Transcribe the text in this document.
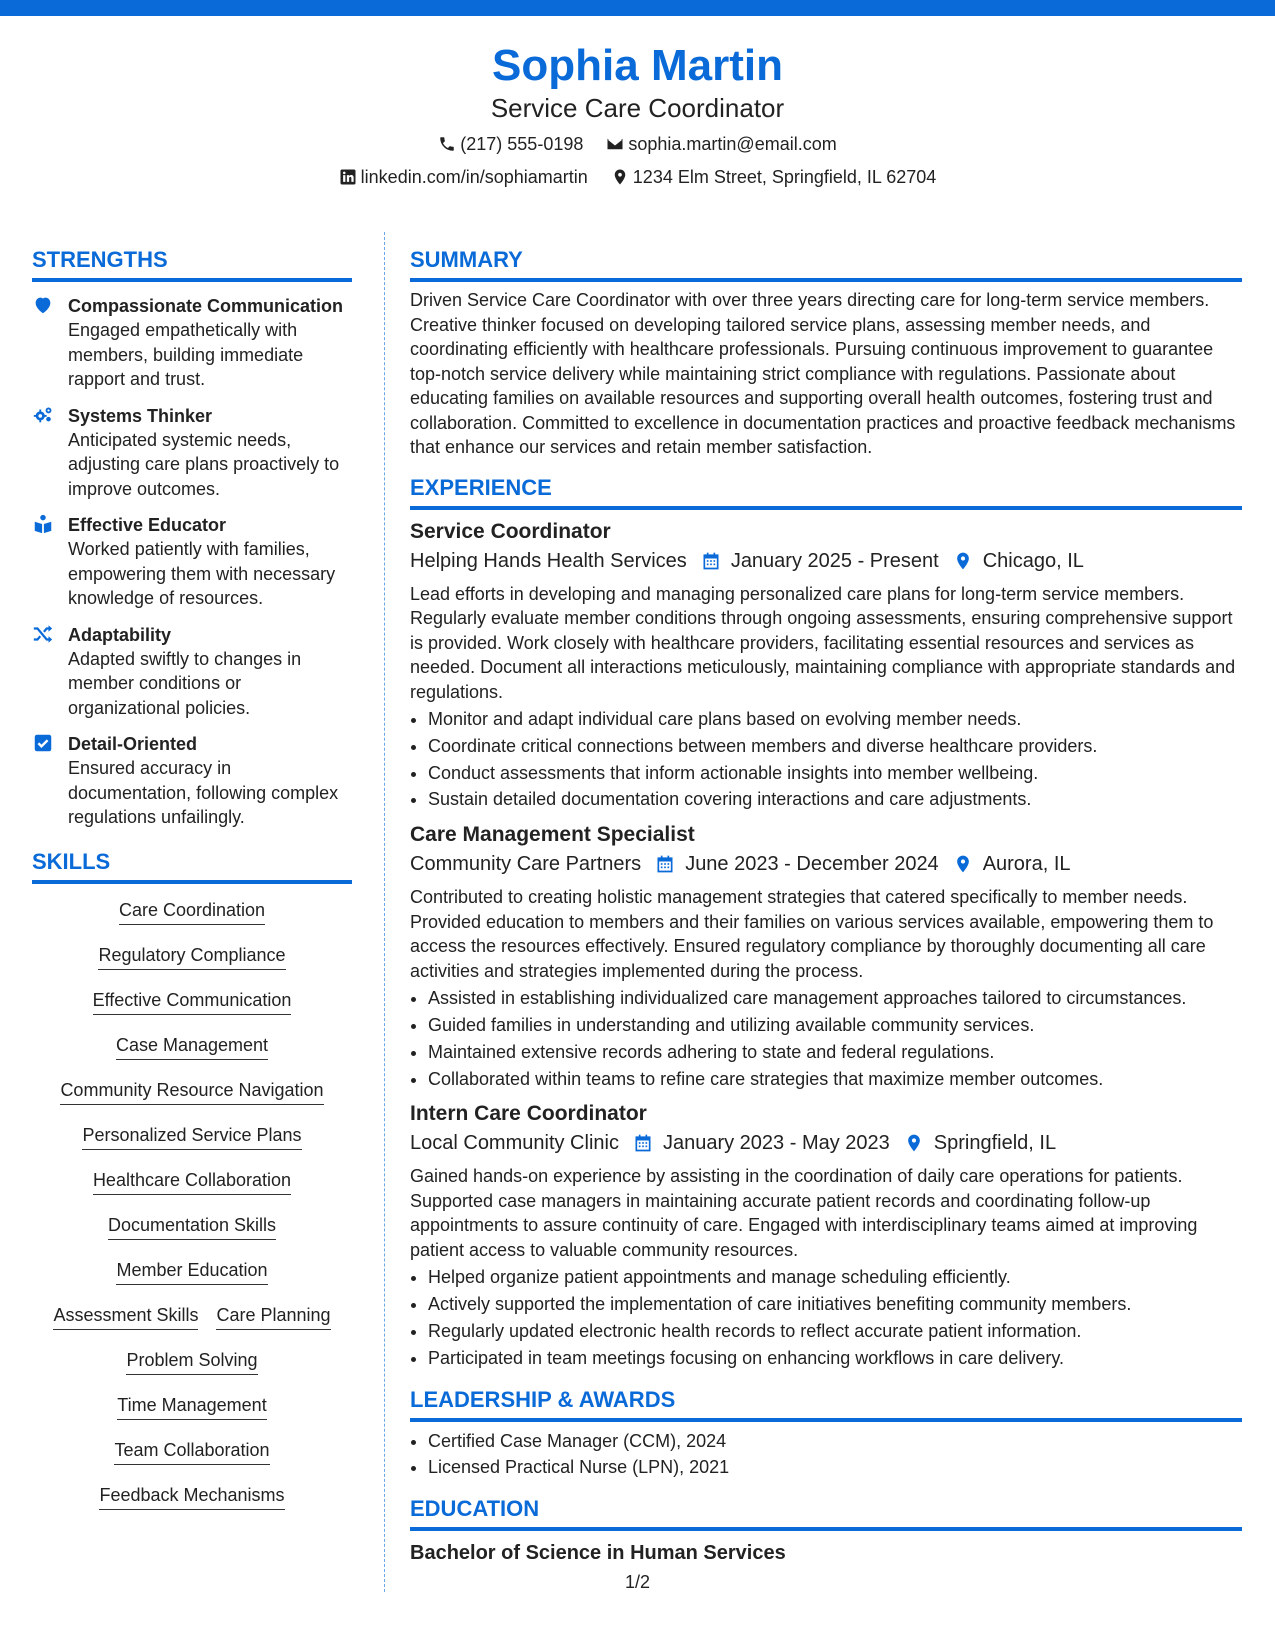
Sophia Martin
Service Care Coordinator
(217) 555-0198
	sophia.martin@email.com
linkedin.com/in/sophiamartin
	1234 Elm Street, Springfield, IL 62704
STRENGTHS
Compassionate Communication
Engaged empathetically with members, building immediate rapport and trust.
Systems Thinker
Anticipated systemic needs, adjusting care plans proactively to improve outcomes.
Effective Educator
Worked patiently with families, empowering them with necessary knowledge of resources.
Adaptability
Adapted swiftly to changes in member conditions or organizational policies.
Detail-Oriented
Ensured accuracy in documentation, following complex regulations unfailingly.
SKILLS
Care Coordination
Regulatory Compliance
Effective Communication
Case Management
Community Resource Navigation
Personalized Service Plans
Healthcare Collaboration
Documentation Skills
Member Education
Assessment Skills Care Planning
Problem Solving
Time Management
Team Collaboration
Feedback Mechanisms
SUMMARY

Driven Service Care Coordinator with over three years directing care for long-term service members. Creative thinker focused on developing tailored service plans, assessing member needs, and coordinating efficiently with healthcare professionals. Pursuing continuous improvement to guarantee top-notch service delivery while maintaining strict compliance with regulations. Passionate about educating families on available resources and supporting overall health outcomes, fostering trust and collaboration. Committed to excellence in documentation practices and proactive feedback mechanisms that enhance our services and retain member satisfaction.

EXPERIENCE
Service Coordinator
Helping Hands Health Services January 2025 - Present Chicago, IL

Lead efforts in developing and managing personalized care plans for long-term service members. Regularly evaluate member conditions through ongoing assessments, ensuring comprehensive support is provided. Work closely with healthcare providers, facilitating essential resources and services as needed. Document all interactions meticulously, maintaining compliance with appropriate standards and regulations.

• Monitor and adapt individual care plans based on evolving member needs.
• Coordinate critical connections between members and diverse healthcare providers.
• Conduct assessments that inform actionable insights into member wellbeing.
• Sustain detailed documentation covering interactions and care adjustments.
Care Management Specialist
Community Care Partners June 2023 - December 2024 Aurora, IL

Contributed to creating holistic management strategies that catered specifically to member needs. Provided education to members and their families on various services available, empowering them to access the resources effectively. Ensured regulatory compliance by thoroughly documenting all care activities and strategies implemented during the process.

• Assisted in establishing individualized care management approaches tailored to circumstances.
• Guided families in understanding and utilizing available community services.
• Maintained extensive records adhering to state and federal regulations.
• Collaborated within teams to refine care strategies that maximize member outcomes.
Intern Care Coordinator
Local Community Clinic January 2023 - May 2023 Springfield, IL

Gained hands-on experience by assisting in the coordination of daily care operations for patients. Supported case managers in maintaining accurate patient records and coordinating follow-up appointments to assure continuity of care. Engaged with interdisciplinary teams aimed at improving patient access to valuable community resources.

• Helped organize patient appointments and manage scheduling efficiently.
• Actively supported the implementation of care initiatives benefiting community members.
• Regularly updated electronic health records to reflect accurate patient information.
• Participated in team meetings focusing on enhancing workflows in care delivery.
LEADERSHIP & AWARDS
• Certified Case Manager (CCM), 2024
• Licensed Practical Nurse (LPN), 2021
EDUCATION
Bachelor of Science in Human Services
1/2
